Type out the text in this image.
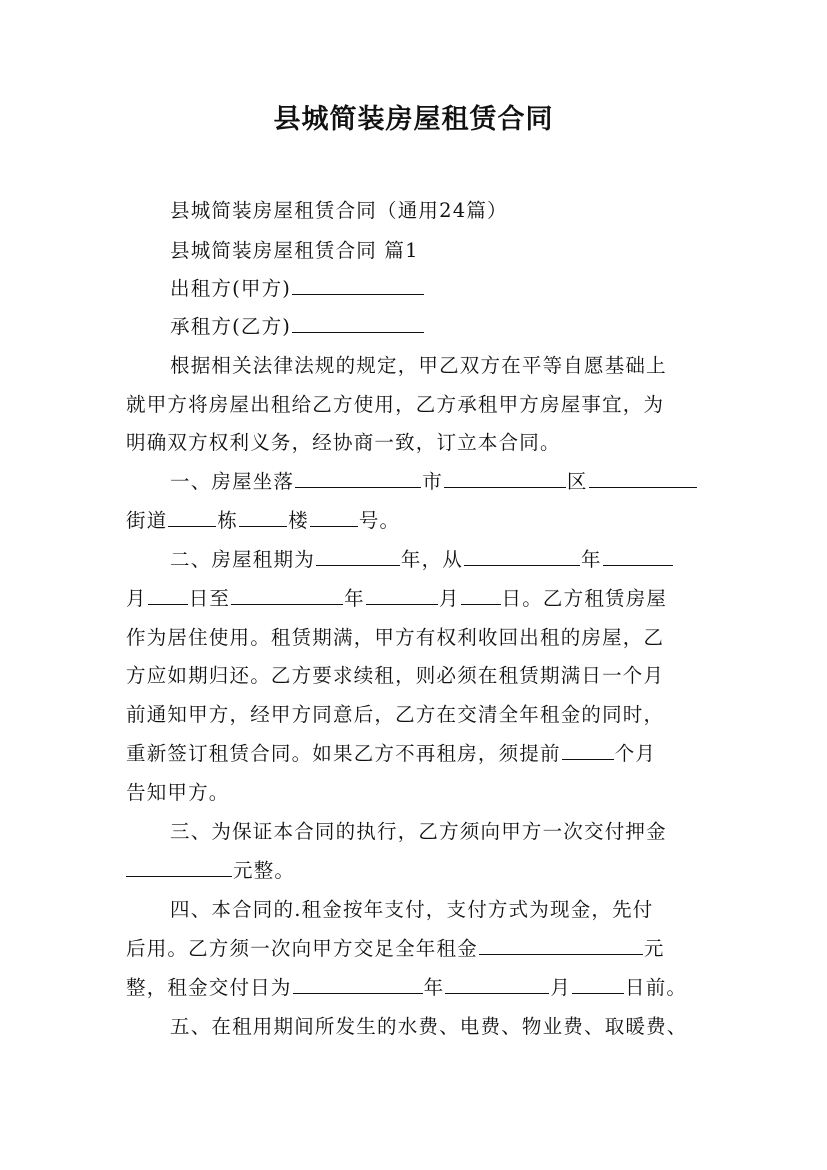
县城简装房屋租赁合同
县城简装房屋租赁合同（通用24篇）
县城简装房屋租赁合同 篇1
出租方(甲方)
承租方(乙方)
根据相关法律法规的规定，甲乙双方在平等自愿基础上
就甲方将房屋出租给乙方使用，乙方承租甲方房屋事宜，为
明确双方权利义务，经协商一致，订立本合同。
一、房屋坐落	市	区
街道	栋	楼	号。
二、房屋租期为	年，从	年
月 日至	年	月 日。乙方租赁房屋
作为居住使用。租赁期满，甲方有权利收回出租的房屋，乙
方应如期归还。乙方要求续租，则必须在租赁期满日一个月
前通知甲方，经甲方同意后，乙方在交清全年租金的同时，
重新签订租赁合同。如果乙方不再租房，须提前	个月
告知甲方。
三、为保证本合同的执行，乙方须向甲方一次交付押金
元整。
四、本合同的.租金按年支付，支付方式为现金，先付
后用。乙方须一次向甲方交足全年租金	元
整，租金交付日为	年	月	日前。
五、在租用期间所发生的水费、电费、物业费、取暖费、
